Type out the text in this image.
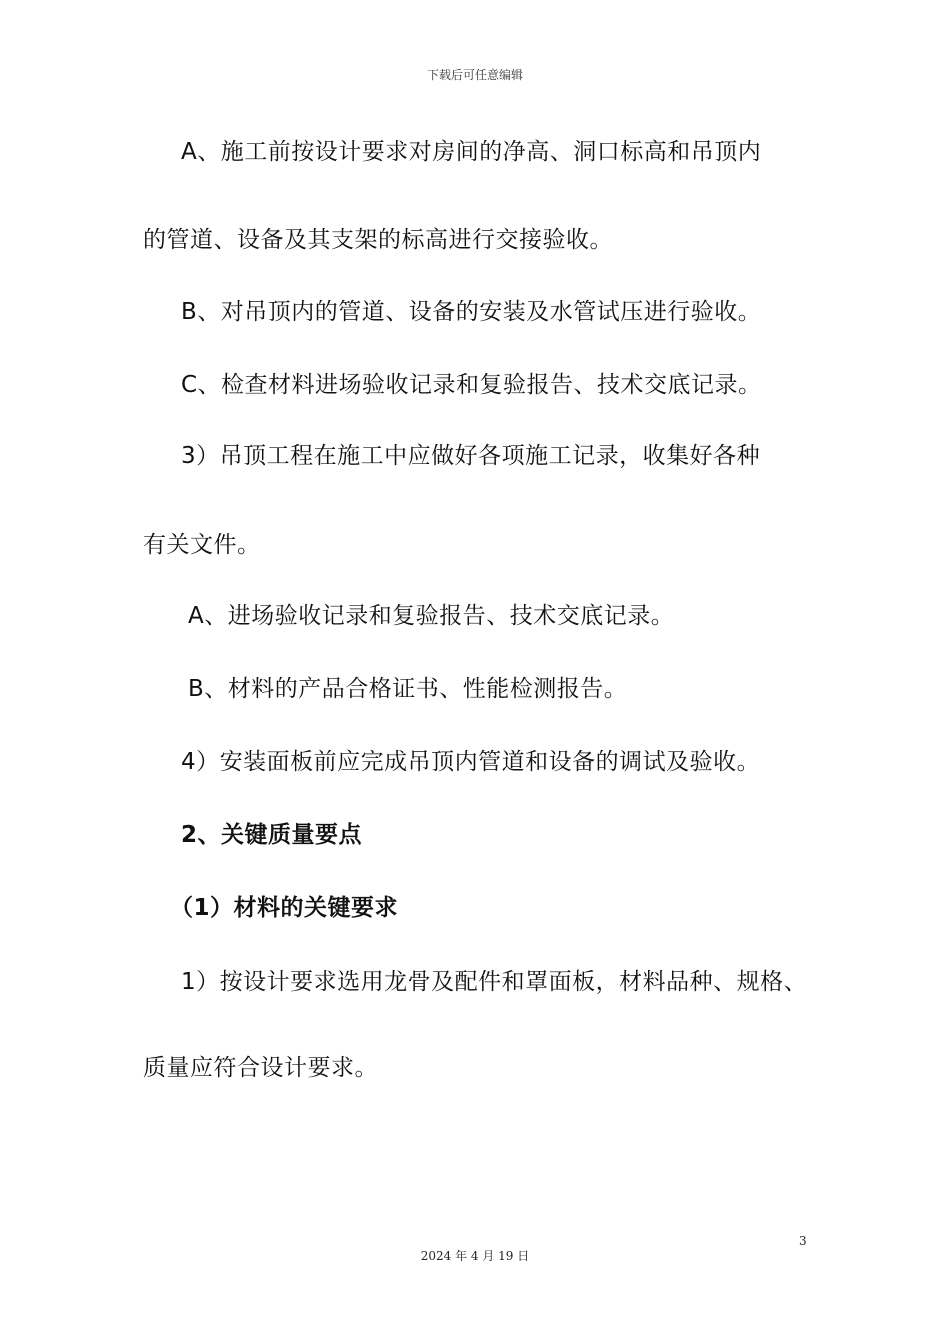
下载后可任意编辑
A、施工前按设计要求对房间的净高、洞口标高和吊顶内
的管道、设备及其支架的标高进行交接验收。
B、对吊顶内的管道、设备的安装及水管试压进行验收。
C、检查材料进场验收记录和复验报告、技术交底记录。
3）吊顶工程在施工中应做好各项施工记录，收集好各种
有关文件。
A、进场验收记录和复验报告、技术交底记录。
B、材料的产品合格证书、性能检测报告。
4）安装面板前应完成吊顶内管道和设备的调试及验收。
2、关键质量要点
（1）材料的关键要求
1）按设计要求选用龙骨及配件和罩面板，材料品种、规格、
质量应符合设计要求。
3
2024 年 4 月 19 日
